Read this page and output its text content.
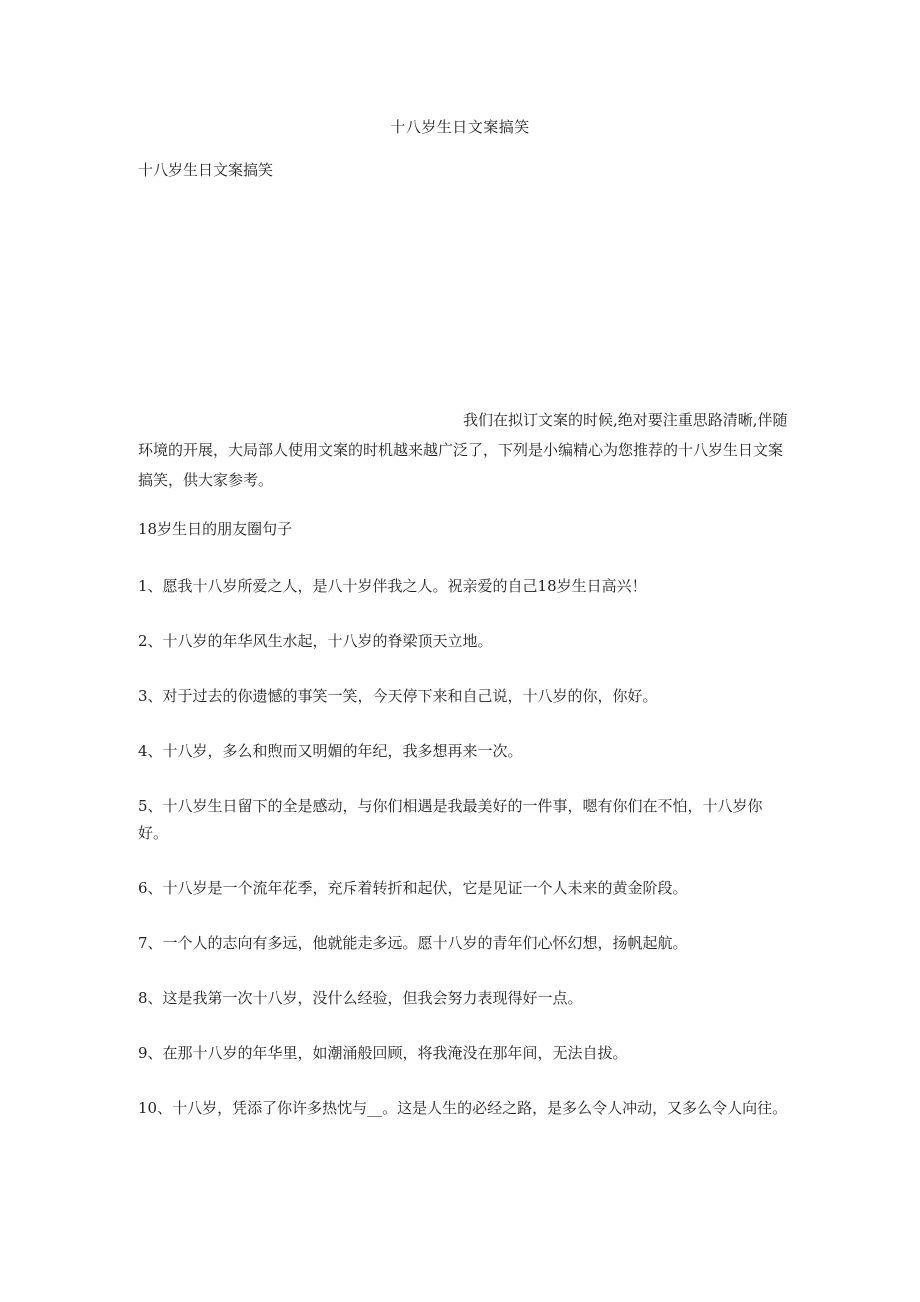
十八岁生日文案搞笑
十八岁生日文案搞笑

我们在拟订文案的时候,绝对要注重思路清晰,伴随环境的开展，大局部人使用文案的时机越来越广泛了，下列是小编精心为您推荐的十八岁生日文案搞笑，供大家参考。

18岁生日的朋友圈句子
1、愿我十八岁所爱之人，是八十岁伴我之人。祝亲爱的自己18岁生日高兴！
2、十八岁的年华风生水起，十八岁的脊梁顶天立地。
3、对于过去的你遗憾的事笑一笑，今天停下来和自己说，十八岁的你，你好。
4、十八岁，多么和煦而又明媚的年纪，我多想再来一次。
5、十八岁生日留下的全是感动，与你们相遇是我最美好的一件事，嗯有你们在不怕，十八岁你好。
6、十八岁是一个流年花季，充斥着转折和起伏，它是见证一个人未来的黄金阶段。
7、一个人的志向有多远，他就能走多远。愿十八岁的青年们心怀幻想，扬帆起航。
8、这是我第一次十八岁，没什么经验，但我会努力表现得好一点。
9、在那十八岁的年华里，如潮涌般回顾，将我淹没在那年间，无法自拔。
10、十八岁，凭添了你许多热忱与__。这是人生的必经之路，是多么令人冲动，又多么令人向往。
